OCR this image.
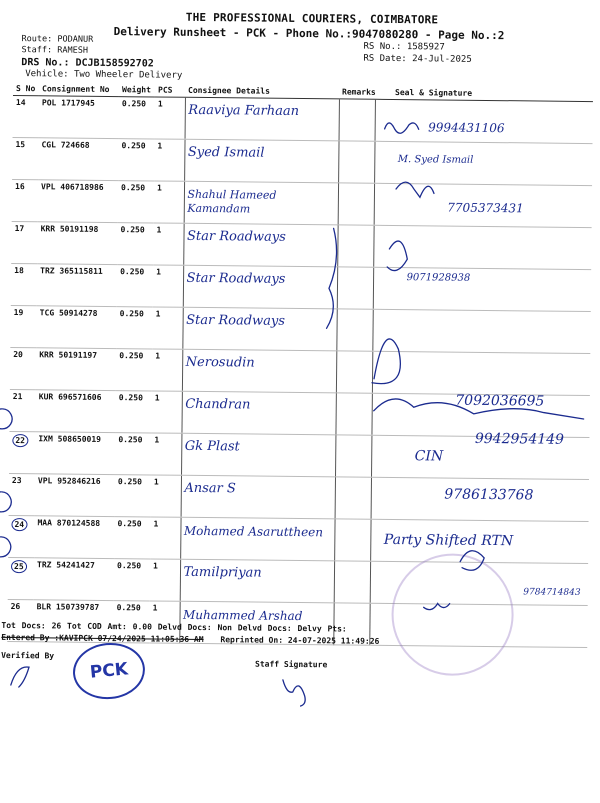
THE PROFESSIONAL COURIERS, COIMBATORE
Delivery Runsheet - PCK - Phone No.:9047080280 - Page No.:2
Route: PODANUR
Staff: RAMESH
DRS No.: DCJB158592702
Vehicle: Two Wheeler Delivery
RS No.: 1585927
RS Date: 24-Jul-2025
S No	Consignment No	Weight	PCS	Consignee Details	Remarks	Seal & Signature
14	POL 1717945	0.250	1	Raaviya Farhaan		9994431106

15	CGL 724668	0.250	1	Syed Ismail		M. Syed Ismail

16	VPL 406718986	0.250	1	Shahul Hameed Kamandam		7705373431

17	KRR 50191198	0.250	1	Star Roadways		

18	TRZ 365115811	0.250	1	Star Roadways		9071928938

19	TCG 50914278	0.250	1	Star Roadways		

20	KRR 50191197	0.250	1	Nerosudin		

21	KUR 696571606	0.250	1	Chandran		7092036695

22	IXM 508650019	0.250	1	Gk Plast		9942954149
CIN

23	VPL 952846216	0.250	1	Ansar S		9786133768

24	MAA 870124588	0.250	1	Mohamed Asaruttheen		Party Shifted RTN

25	TRZ 54241427	0.250	1	Tamilpriyan		9784714843

26	BLR 150739787	0.250	1	Muhammed Arshad		

Tot Docs: 26 Tot COD Amt: 0.00 Delvd Docs: Non Delvd Docs: Delvy Pts:
Entered By :KAVIPCK 07/24/2025 11:05:36 AM Reprinted On: 24-07-2025 11:49:26
Verified By
Staff Signature
PCK
